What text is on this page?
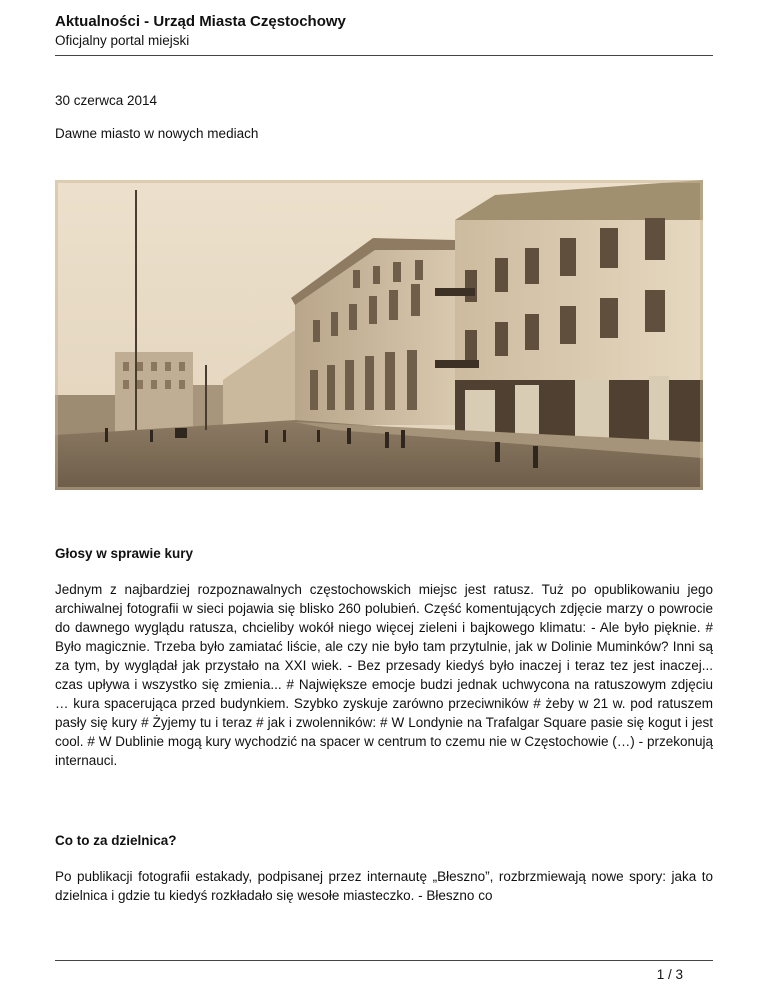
Aktualności - Urząd Miasta Częstochowy

Oficjalny portal miejski

30 czerwca 2014
Dawne miasto w nowych mediach

Głosy w sprawie kury

Jednym z najbardziej rozpoznawalnych częstochowskich miejsc jest ratusz. Tuż po opublikowaniu jego archiwalnej fotografii w sieci pojawia się blisko 260 polubień. Część komentujących zdjęcie marzy o powrocie do dawnego wyglądu ratusza, chcieliby wokół niego więcej zieleni i bajkowego klimatu: - Ale było pięknie. # Było magicznie. Trzeba było zamiatać liście, ale czy nie było tam przytulnie, jak w Dolinie Muminków? Inni są za tym, by wyglądał jak przystało na XXI wiek. - Bez przesady kiedyś było inaczej i teraz tez jest inaczej... czas upływa i wszystko się zmienia... # Największe emocje budzi jednak uchwycona na ratuszowym zdjęciu … kura spacerująca przed budynkiem. Szybko zyskuje zarówno przeciwników # żeby w 21 w. pod ratuszem pasły się kury # Żyjemy tu i teraz # jak i zwolenników: # W Londynie na Trafalgar Square pasie się kogut i jest cool. # W Dublinie mogą kury wychodzić na spacer w centrum to czemu nie w Częstochowie (…) - przekonują internauci.

Co to za dzielnica?

Po publikacji fotografii estakady, podpisanej przez internautę „Błeszno”, rozbrzmiewają nowe spory: jaka to dzielnica i gdzie tu kiedyś rozkładało się wesołe miasteczko. - Błeszno co

1 / 3
